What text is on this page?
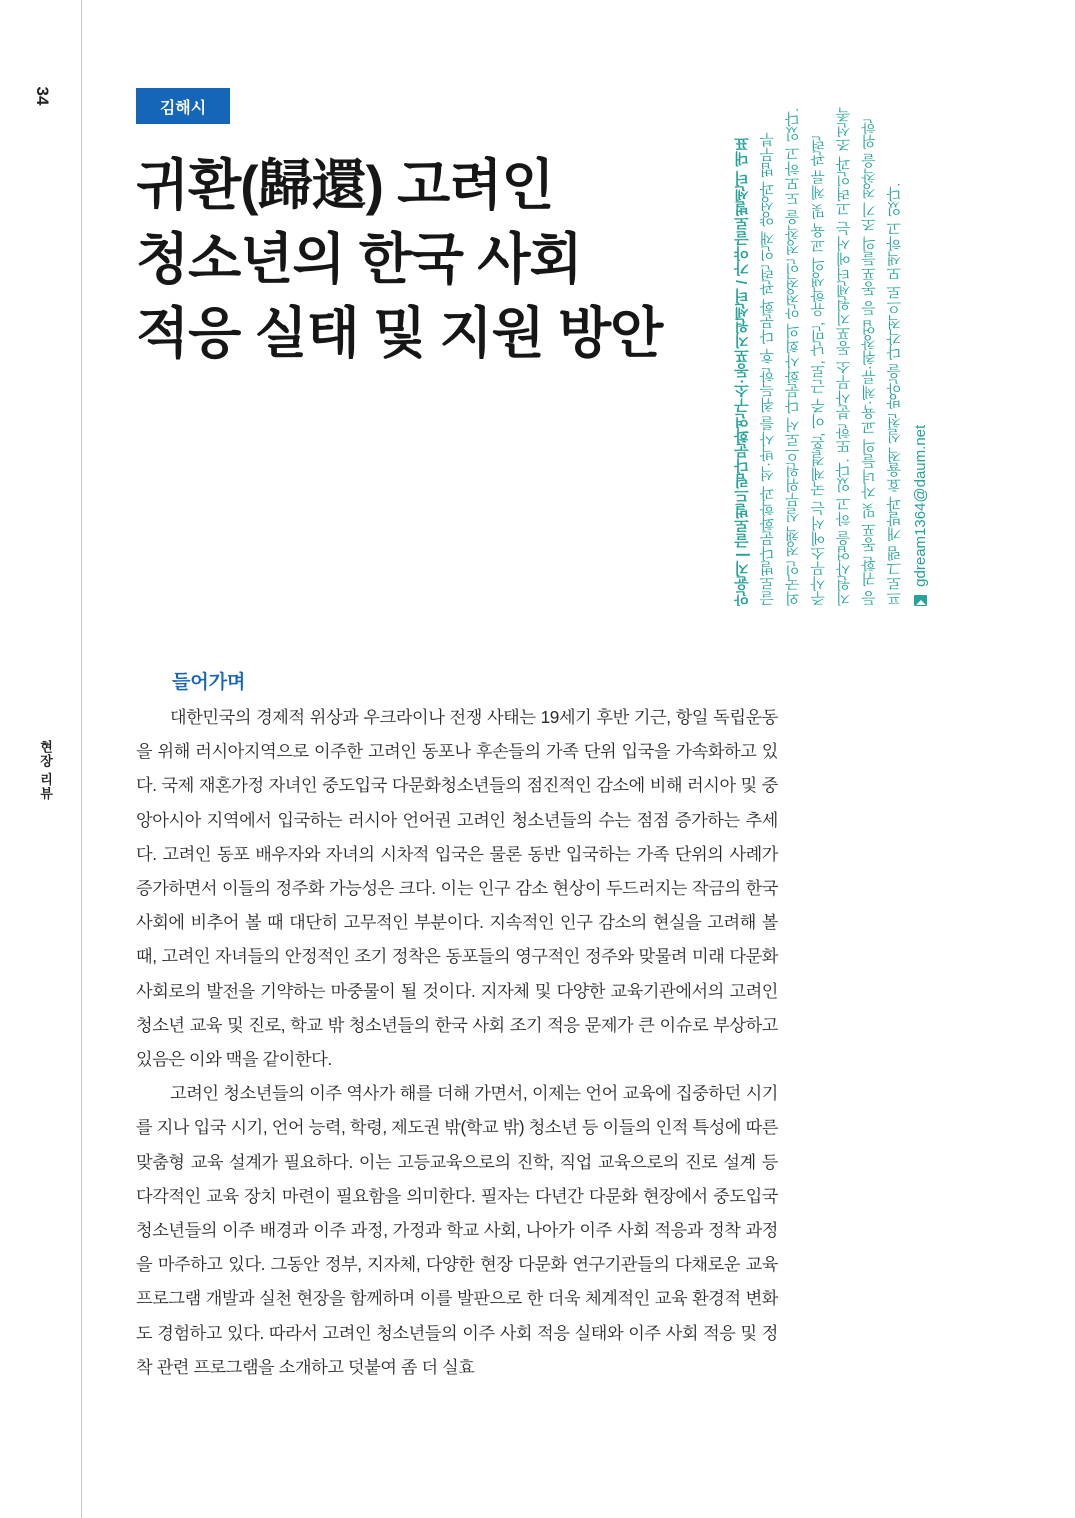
34
현장 리뷰
김해시
귀환(歸還) 고려인
청소년의 한국 사회
적응 실태 및 지원 방안	안윤지 | 글로벌드림다문화연구소·동포지원센터 / 가야글로벌센터 대표 글로벌다문화학과 석·박사를 취득한 후 다문화 관련 인재 양성과 법무부 외국인 정책 실무위원으로서 다문화사회의 안정적인 정착을 도모하고 있다. 주사무소에서는 국제결혼, 이주 근로, 난민, 유학생의 교육 및 체류 관련 지원사업을 하고 있다. 또한 분사무소 동포지원센터에서는 고려인과 조선족 등 귀환 동포 및 자녀들의 교육·체류·취창업 등 동포들의 조기 정착을 위한 프로그램 개발과 효율적 실천 방안을 다각적으로 모색하고 있다. gdream1364@daum.net
들어가며

대한민국의 경제적 위상과 우크라이나 전쟁 사태는 19세기 후반 기근, 항일 독립운동을 위해 러시아지역으로 이주한 고려인 동포나 후손들의 가족 단위 입국을 가속화하고 있다. 국제 재혼가정 자녀인 중도입국 다문화청소년들의 점진적인 감소에 비해 러시아 및 중앙아시아 지역에서 입국하는 러시아 언어권 고려인 청소년들의 수는 점점 증가하는 추세다. 고려인 동포 배우자와 자녀의 시차적 입국은 물론 동반 입국하는 가족 단위의 사례가 증가하면서 이들의 정주화 가능성은 크다. 이는 인구 감소 현상이 두드러지는 작금의 한국 사회에 비추어 볼 때 대단히 고무적인 부분이다. 지속적인 인구 감소의 현실을 고려해 볼 때, 고려인 자녀들의 안정적인 조기 정착은 동포들의 영구적인 정주와 맞물려 미래 다문화사회로의 발전을 기약하는 마중물이 될 것이다. 지자체 및 다양한 교육기관에서의 고려인 청소년 교육 및 진로, 학교 밖 청소년들의 한국 사회 조기 적응 문제가 큰 이슈로 부상하고 있음은 이와 맥을 같이한다.

고려인 청소년들의 이주 역사가 해를 더해 가면서, 이제는 언어 교육에 집중하던 시기를 지나 입국 시기, 언어 능력, 학령, 제도권 밖(학교 밖) 청소년 등 이들의 인적 특성에 따른 맞춤형 교육 설계가 필요하다. 이는 고등교육으로의 진학, 직업 교육으로의 진로 설계 등 다각적인 교육 장치 마련이 필요함을 의미한다. 필자는 다년간 다문화 현장에서 중도입국 청소년들의 이주 배경과 이주 과정, 가정과 학교 사회, 나아가 이주 사회 적응과 정착 과정을 마주하고 있다. 그동안 정부, 지자체, 다양한 현장 다문화 연구기관들의 다채로운 교육 프로그램 개발과 실천 현장을 함께하며 이를 발판으로 한 더욱 체계적인 교육 환경적 변화도 경험하고 있다. 따라서 고려인 청소년들의 이주 사회 적응 실태와 이주 사회 적응 및 정착 관련 프로그램을 소개하고 덧붙여 좀 더 실효
